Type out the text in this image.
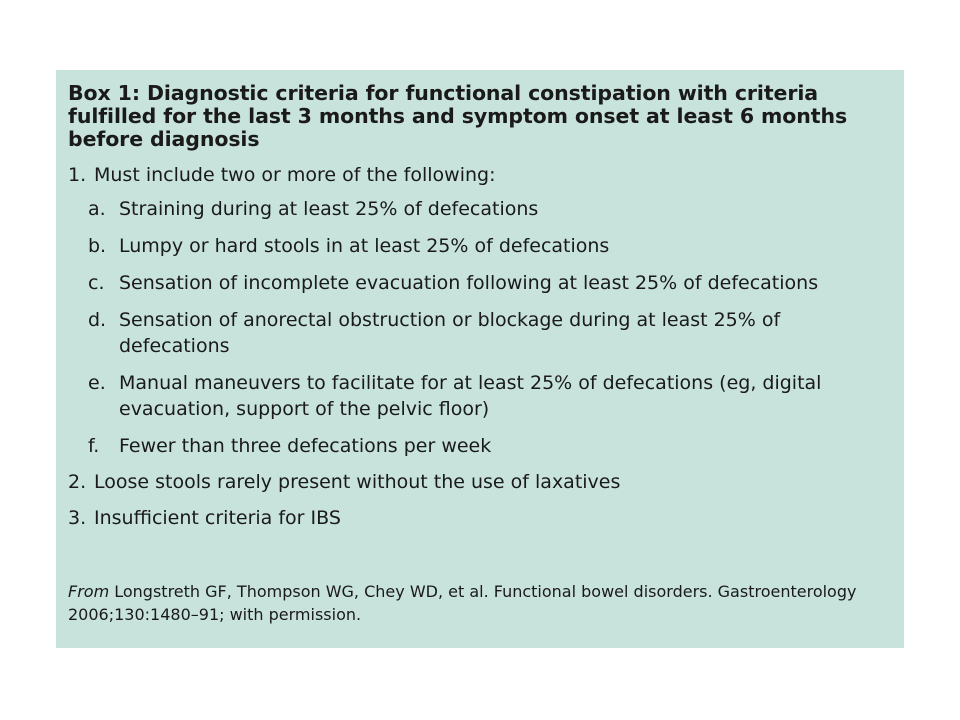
Box 1: Diagnostic criteria for functional constipation with criteria fulfilled for the last 3 months and symptom onset at least 6 months before diagnosis
1. Must include two or more of the following:
a. Straining during at least 25% of defecations
b. Lumpy or hard stools in at least 25% of defecations
c. Sensation of incomplete evacuation following at least 25% of defecations
d. Sensation of anorectal obstruction or blockage during at least 25% of defecations
e. Manual maneuvers to facilitate for at least 25% of defecations (eg, digital evacuation, support of the pelvic floor)
f.	Fewer than three defecations per week
2. Loose stools rarely present without the use of laxatives
3. Insufficient criteria for IBS
From Longstreth GF, Thompson WG, Chey WD, et al. Functional bowel disorders. Gastroenterology 2006;130:1480–91; with permission.
